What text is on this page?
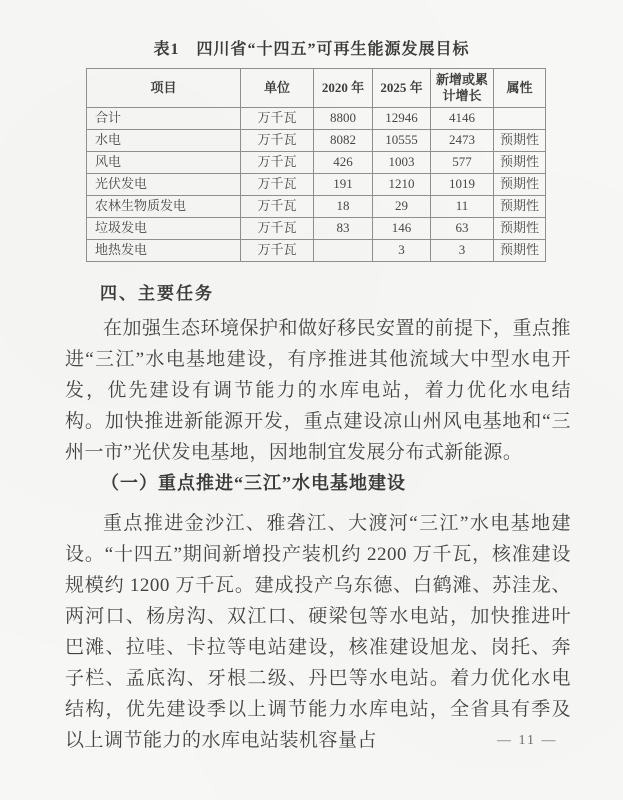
表1　四川省“十四五”可再生能源发展目标
项目	单位	2020 年	2025 年	新增或累计增长	属性
合计	万千瓦	8800	12946	4146	
水电	万千瓦	8082	10555	2473	预期性
风电	万千瓦	426	1003	577	预期性
光伏发电	万千瓦	191	1210	1019	预期性
农林生物质发电	万千瓦	18	29	11	预期性
垃圾发电	万千瓦	83	146	63	预期性
地热发电	万千瓦		3	3	预期性
四、主要任务

在加强生态环境保护和做好移民安置的前提下，重点推进“三江”水电基地建设，有序推进其他流域大中型水电开发，优先建设有调节能力的水库电站，着力优化水电结构。加快推进新能源开发，重点建设凉山州风电基地和“三州一市”光伏发电基地，因地制宜发展分布式新能源。

（一）重点推进“三江”水电基地建设

重点推进金沙江、雅砻江、大渡河“三江”水电基地建设。“十四五”期间新增投产装机约 2200 万千瓦，核准建设规模约 1200 万千瓦。建成投产乌东德、白鹤滩、苏洼龙、两河口、杨房沟、双江口、硬梁包等水电站，加快推进叶巴滩、拉哇、卡拉等电站建设，核准建设旭龙、岗托、奔子栏、孟底沟、牙根二级、丹巴等水电站。着力优化水电结构，优先建设季以上调节能力水库电站，全省具有季及以上调节能力的水库电站装机容量占	— 11 —
